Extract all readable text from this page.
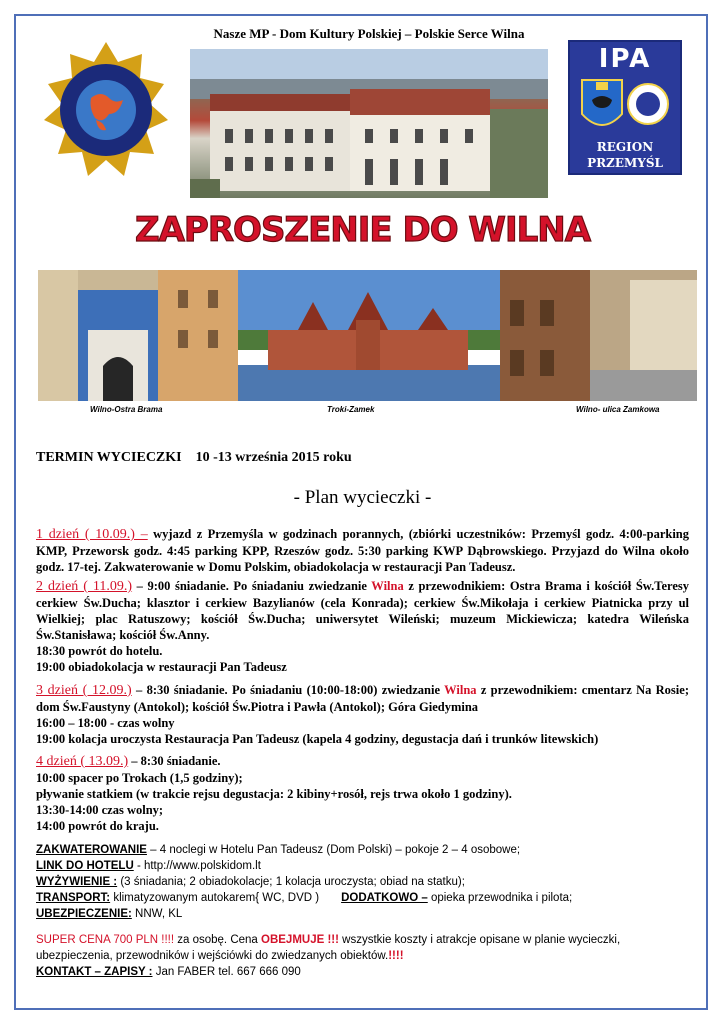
Nasze MP - Dom Kultury Polskiej – Polskie Serce Wilna
IPA
REGION
PRZEMYŚL
ZAPROSZENIE DO WILNA
Wilno-Ostra Brama	Troki-Zamek	Wilno- ulica Zamkowa
TERMIN WYCIECZKI    10 -13 września 2015 roku
- Plan wycieczki -
1 dzień ( 10.09.) – wyjazd z Przemyśla w godzinach porannych, (zbiórki uczestników: Przemyśl godz. 4:00-parking KMP, Przeworsk godz. 4:45 parking KPP, Rzeszów godz. 5:30 parking KWP Dąbrowskiego. Przyjazd do Wilna około godz. 17-tej. Zakwaterowanie w Domu Polskim, obiadokolacja w restauracji Pan Tadeusz.
2 dzień ( 11.09.) – 9:00 śniadanie. Po śniadaniu zwiedzanie Wilna z przewodnikiem: Ostra Brama i kościół Św.Teresy cerkiew Św.Ducha; klasztor i cerkiew Bazylianów (cela Konrada); cerkiew Św.Mikołaja i cerkiew Piatnicka przy ul Wielkiej; plac Ratuszowy; kościół Św.Ducha; uniwersytet Wileński; muzeum Mickiewicza; katedra Wileńska Św.Stanisława; kościół Św.Anny.
18:30 powrót do hotelu.
19:00 obiadokolacja w restauracji Pan Tadeusz
3 dzień ( 12.09.) – 8:30 śniadanie. Po śniadaniu (10:00-18:00) zwiedzanie Wilna z przewodnikiem: cmentarz Na Rosie; dom Św.Faustyny (Antokol); kościół Św.Piotra i Pawła (Antokol); Góra Giedymina
16:00 – 18:00 - czas wolny
19:00 kolacja uroczysta Restauracja Pan Tadeusz (kapela 4 godziny, degustacja dań i trunków litewskich)
4 dzień ( 13.09.) – 8:30 śniadanie.
10:00 spacer po Trokach (1,5 godziny);
pływanie statkiem (w trakcie rejsu degustacja: 2 kibiny+rosół, rejs trwa około 1 godziny).
13:30-14:00 czas wolny;
14:00 powrót do kraju.
ZAKWATEROWANIE – 4 noclegi w Hotelu Pan Tadeusz (Dom Polski) – pokoje 2 – 4 osobowe;
LINK DO HOTELU - http://www.polskidom.lt
WYŻYWIENIE : (3 śniadania; 2 obiadokolacje; 1 kolacja uroczysta; obiad na statku);
TRANSPORT: klimatyzowanym autokarem{ WC, DVD ) DODATKOWO – opieka przewodnika i pilota;
UBEZPIECZENIE: NNW, KL
SUPER CENA 700 PLN !!!! za osobę. Cena OBEJMUJE !!! wszystkie koszty i atrakcje opisane w planie wycieczki, ubezpieczenia, przewodników i wejściówki do zwiedzanych obiektów.!!!!
KONTAKT – ZAPISY : Jan FABER tel. 667 666 090
